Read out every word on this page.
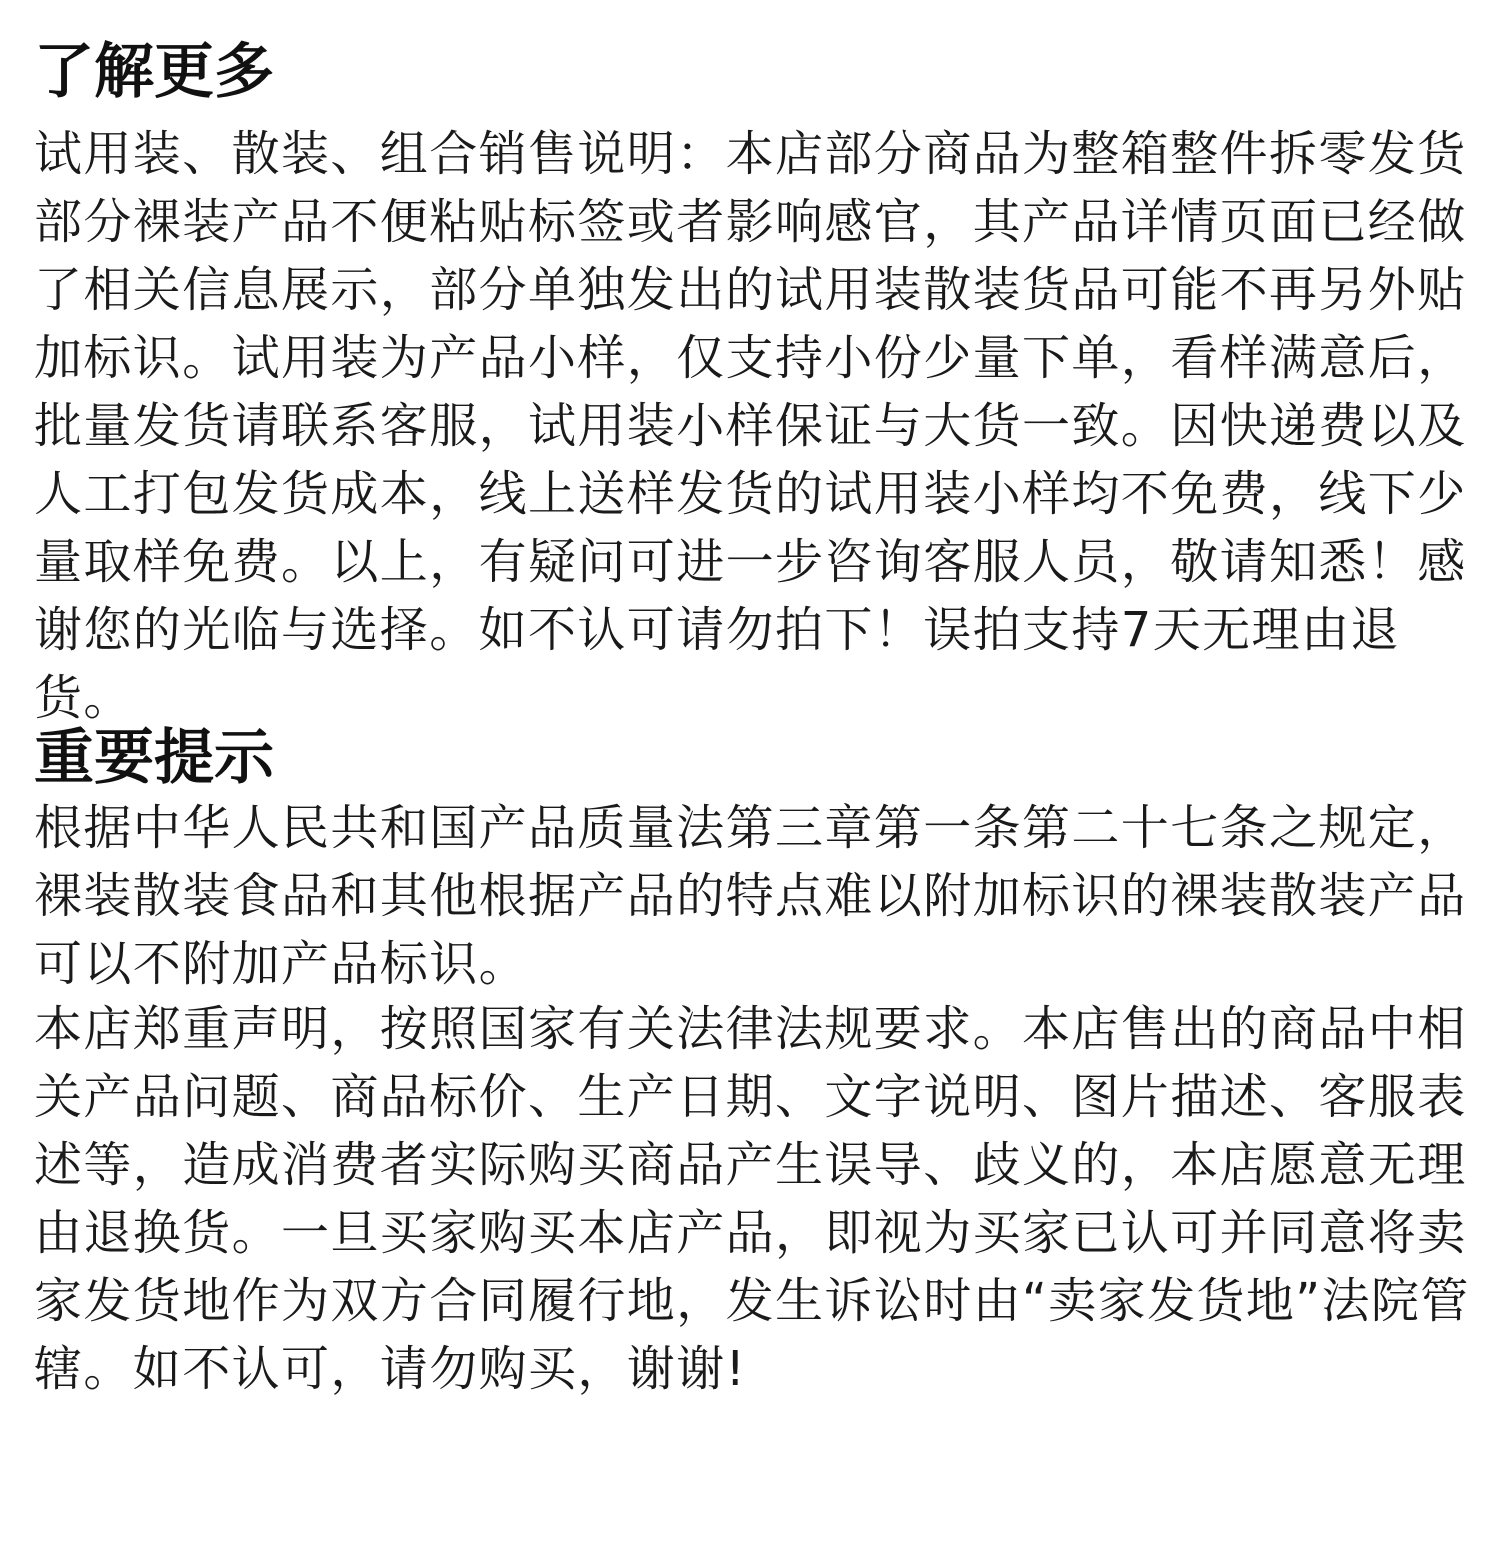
了解更多
试用装、散装、组合销售说明：本店部分商品为整箱整件拆零发货部分裸装产品不便粘贴标签或者影响感官，其产品详情页面已经做了相关信息展示，部分单独发出的试用装散装货品可能不再另外贴加标识。试用装为产品小样，仅支持小份少量下单，看样满意后，批量发货请联系客服，试用装小样保证与大货一致。因快递费以及人工打包发货成本，线上送样发货的试用装小样均不免费，线下少量取样免费。以上，有疑问可进一步咨询客服人员，敬请知悉！感谢您的光临与选择。如不认可请勿拍下！误拍支持7天无理由退货。
重要提示
根据中华人民共和国产品质量法第三章第一条第二十七条之规定，裸装散装食品和其他根据产品的特点难以附加标识的裸装散装产品可以不附加产品标识。
本店郑重声明，按照国家有关法律法规要求。本店售出的商品中相关产品问题、商品标价、生产日期、文字说明、图片描述、客服表述等，造成消费者实际购买商品产生误导、歧义的，本店愿意无理由退换货。一旦买家购买本店产品，即视为买家已认可并同意将卖家发货地作为双方合同履行地，发生诉讼时由“卖家发货地”法院管辖。如不认可，请勿购买，谢谢!
